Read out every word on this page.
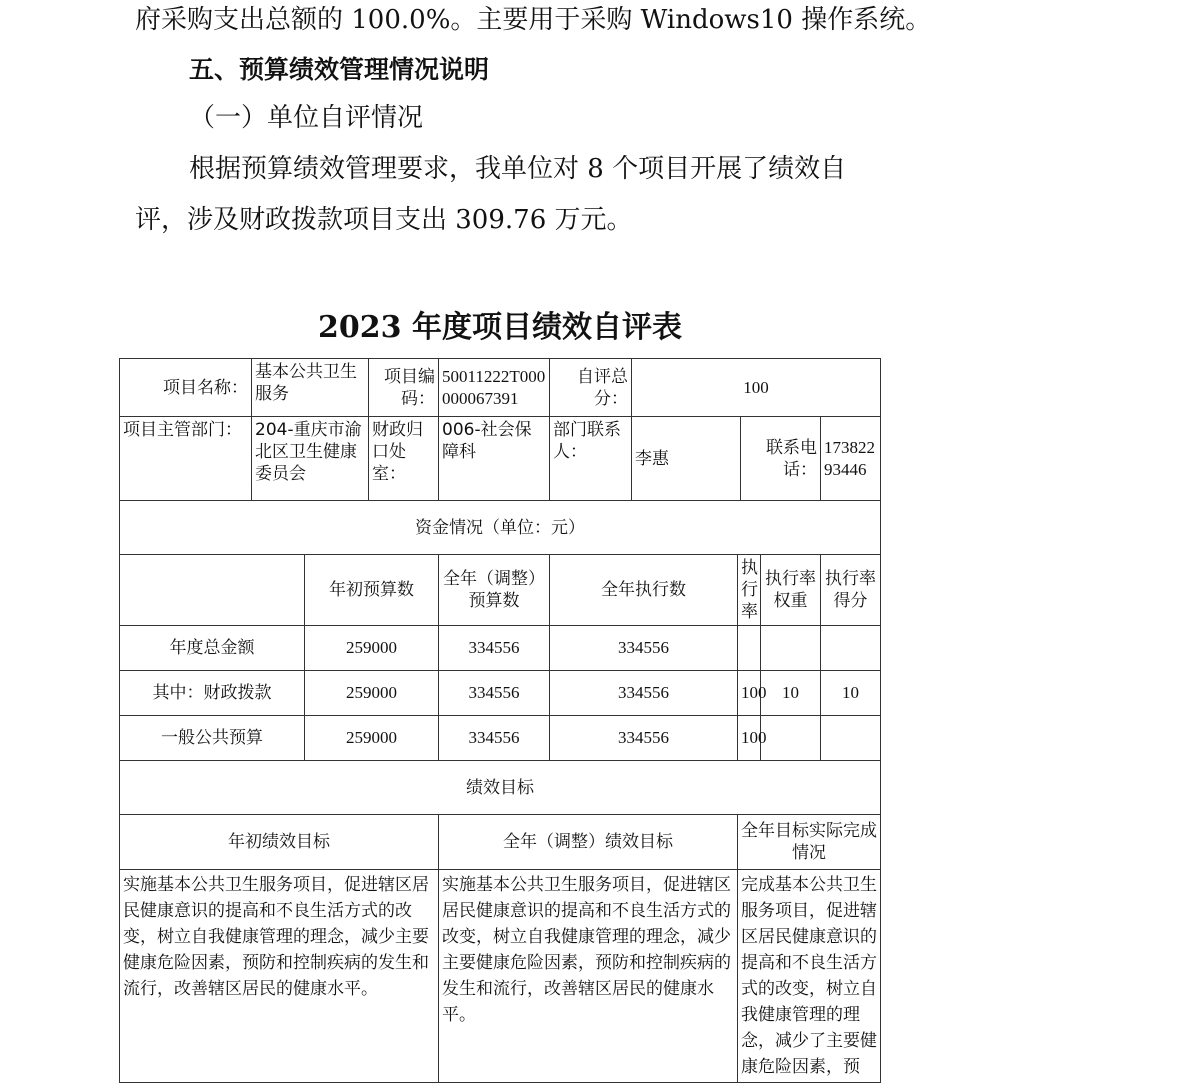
府采购支出总额的 100.0%。主要用于采购 Windows10 操作系统。
五、预算绩效管理情况说明
（一）单位自评情况
根据预算绩效管理要求，我单位对 8 个项目开展了绩效自
评，涉及财政拨款项目支出 309.76 万元。
2023 年度项目绩效自评表
项目名称：	基本公共卫生服务		项目编码：	50011222T000000067391	自评总分：	100				
项目主管部门：	204-重庆市渝北区卫生健康委员会		财政归口处室：	006-社会保障科	部门联系人：	李惠		联系电话：		17382293446
资金情况（单位：元）										
		年初预算数		全年（调整）预算数	全年执行数		执行率		执行率权重	执行率得分
年度总金额		259000		334556	334556					
其中：财政拨款		259000		334556	334556		100		10	10
一般公共预算		259000		334556	334556		100			
绩效目标										
年初绩效目标				全年（调整）绩效目标			全年目标实际完成情况			
实施基本公共卫生服务项目，促进辖区居民健康意识的提高和不良生活方式的改变，树立自我健康管理的理念，减少主要健康危险因素，预防和控制疾病的发生和流行，改善辖区居民的健康水平。				实施基本公共卫生服务项目，促进辖区居民健康意识的提高和不良生活方式的改变，树立自我健康管理的理念，减少主要健康危险因素，预防和控制疾病的发生和流行，改善辖区居民的健康水平。			完成基本公共卫生服务项目，促进辖区居民健康意识的提高和不良生活方式的改变，树立自我健康管理的理念，减少了主要健康危险因素，预			
